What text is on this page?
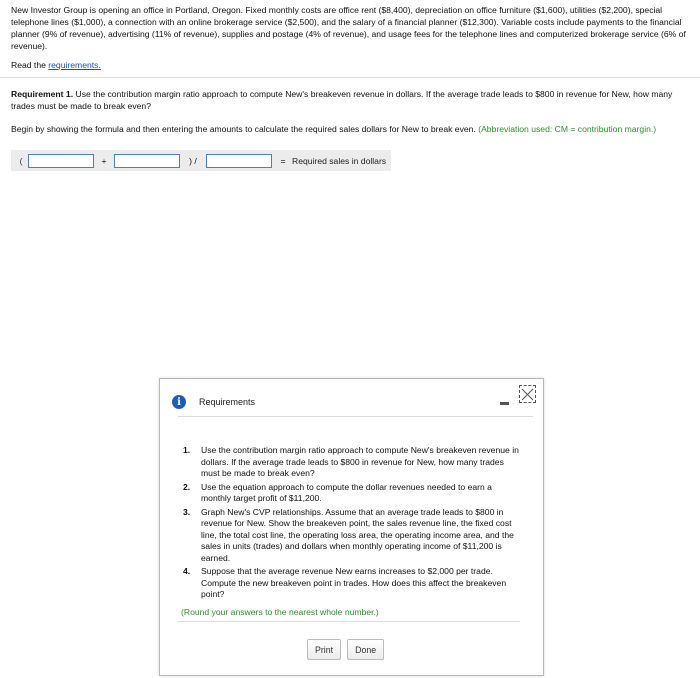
New Investor Group is opening an office in Portland, Oregon. Fixed monthly costs are office rent ($8,400), depreciation on office furniture ($1,600), utilities ($2,200), special telephone lines ($1,000), a connection with an online brokerage service ($2,500), and the salary of a financial planner ($12,300). Variable costs include payments to the financial planner (9% of revenue), advertising (11% of revenue), supplies and postage (4% of revenue), and usage fees for the telephone lines and computerized brokerage service (6% of revenue).

Read the requirements.

Requirement 1. Use the contribution margin ratio approach to compute New's breakeven revenue in dollars. If the average trade leads to $800 in revenue for New, how many trades must be made to break even?

Begin by showing the formula and then entering the amounts to calculate the required sales dollars for New to break even. (Abbreviation used: CM = contribution margin.)

(	+	) /	= Required sales in dollars
i	Requirements
1. Use the contribution margin ratio approach to compute New's breakeven revenue in dollars. If the average trade leads to $800 in revenue for New, how many trades must be made to break even?
2. Use the equation approach to compute the dollar revenues needed to earn a monthly target profit of $11,200.
3. Graph New's CVP relationships. Assume that an average trade leads to $800 in revenue for New. Show the breakeven point, the sales revenue line, the fixed cost line, the total cost line, the operating loss area, the operating income area, and the sales in units (trades) and dollars when monthly operating income of $11,200 is earned.
4. Suppose that the average revenue New earns increases to $2,000 per trade. Compute the new breakeven point in trades. How does this affect the breakeven point?
(Round your answers to the nearest whole number.)
Print	Done
